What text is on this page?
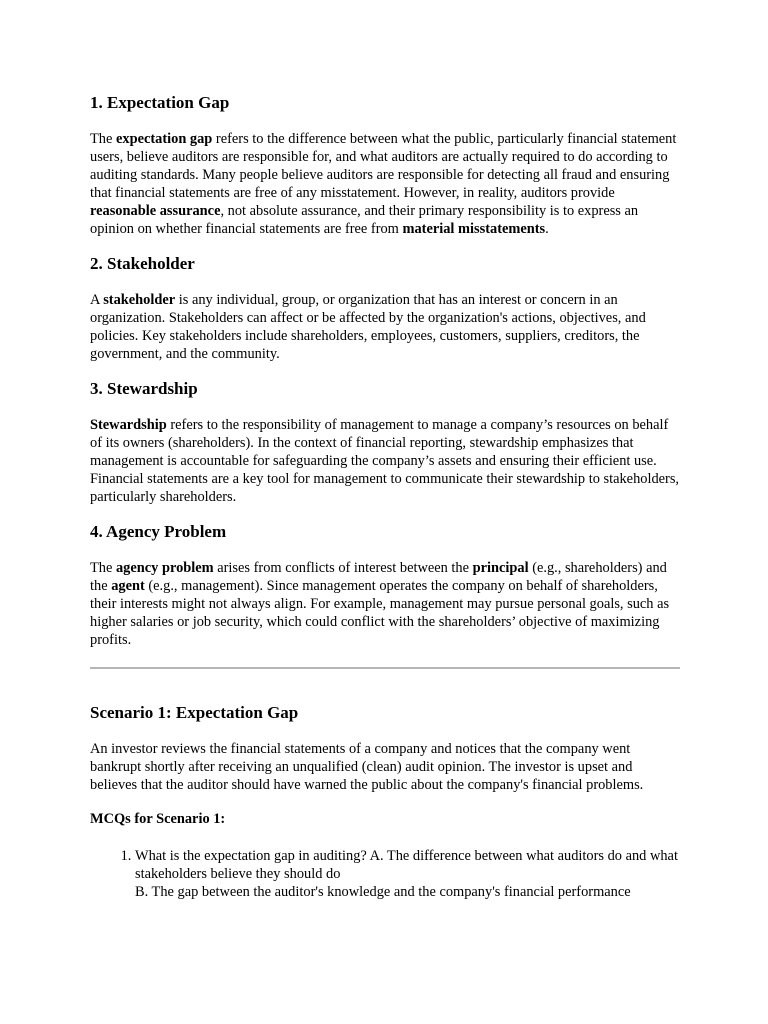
1. Expectation Gap

The expectation gap refers to the difference between what the public, particularly financial statement users, believe auditors are responsible for, and what auditors are actually required to do according to auditing standards. Many people believe auditors are responsible for detecting all fraud and ensuring that financial statements are free of any misstatement. However, in reality, auditors provide reasonable assurance, not absolute assurance, and their primary responsibility is to express an opinion on whether financial statements are free from material misstatements.

2. Stakeholder

A stakeholder is any individual, group, or organization that has an interest or concern in an organization. Stakeholders can affect or be affected by the organization's actions, objectives, and policies. Key stakeholders include shareholders, employees, customers, suppliers, creditors, the government, and the community.

3. Stewardship

Stewardship refers to the responsibility of management to manage a company’s resources on behalf of its owners (shareholders). In the context of financial reporting, stewardship emphasizes that management is accountable for safeguarding the company’s assets and ensuring their efficient use. Financial statements are a key tool for management to communicate their stewardship to stakeholders, particularly shareholders.

4. Agency Problem

The agency problem arises from conflicts of interest between the principal (e.g., shareholders) and the agent (e.g., management). Since management operates the company on behalf of shareholders, their interests might not always align. For example, management may pursue personal goals, such as higher salaries or job security, which could conflict with the shareholders’ objective of maximizing profits.

Scenario 1: Expectation Gap

An investor reviews the financial statements of a company and notices that the company went bankrupt shortly after receiving an unqualified (clean) audit opinion. The investor is upset and believes that the auditor should have warned the public about the company's financial problems.

MCQs for Scenario 1:
1. What is the expectation gap in auditing? A. The difference between what auditors do and what stakeholders believe they should do
B. The gap between the auditor's knowledge and the company's financial performance
